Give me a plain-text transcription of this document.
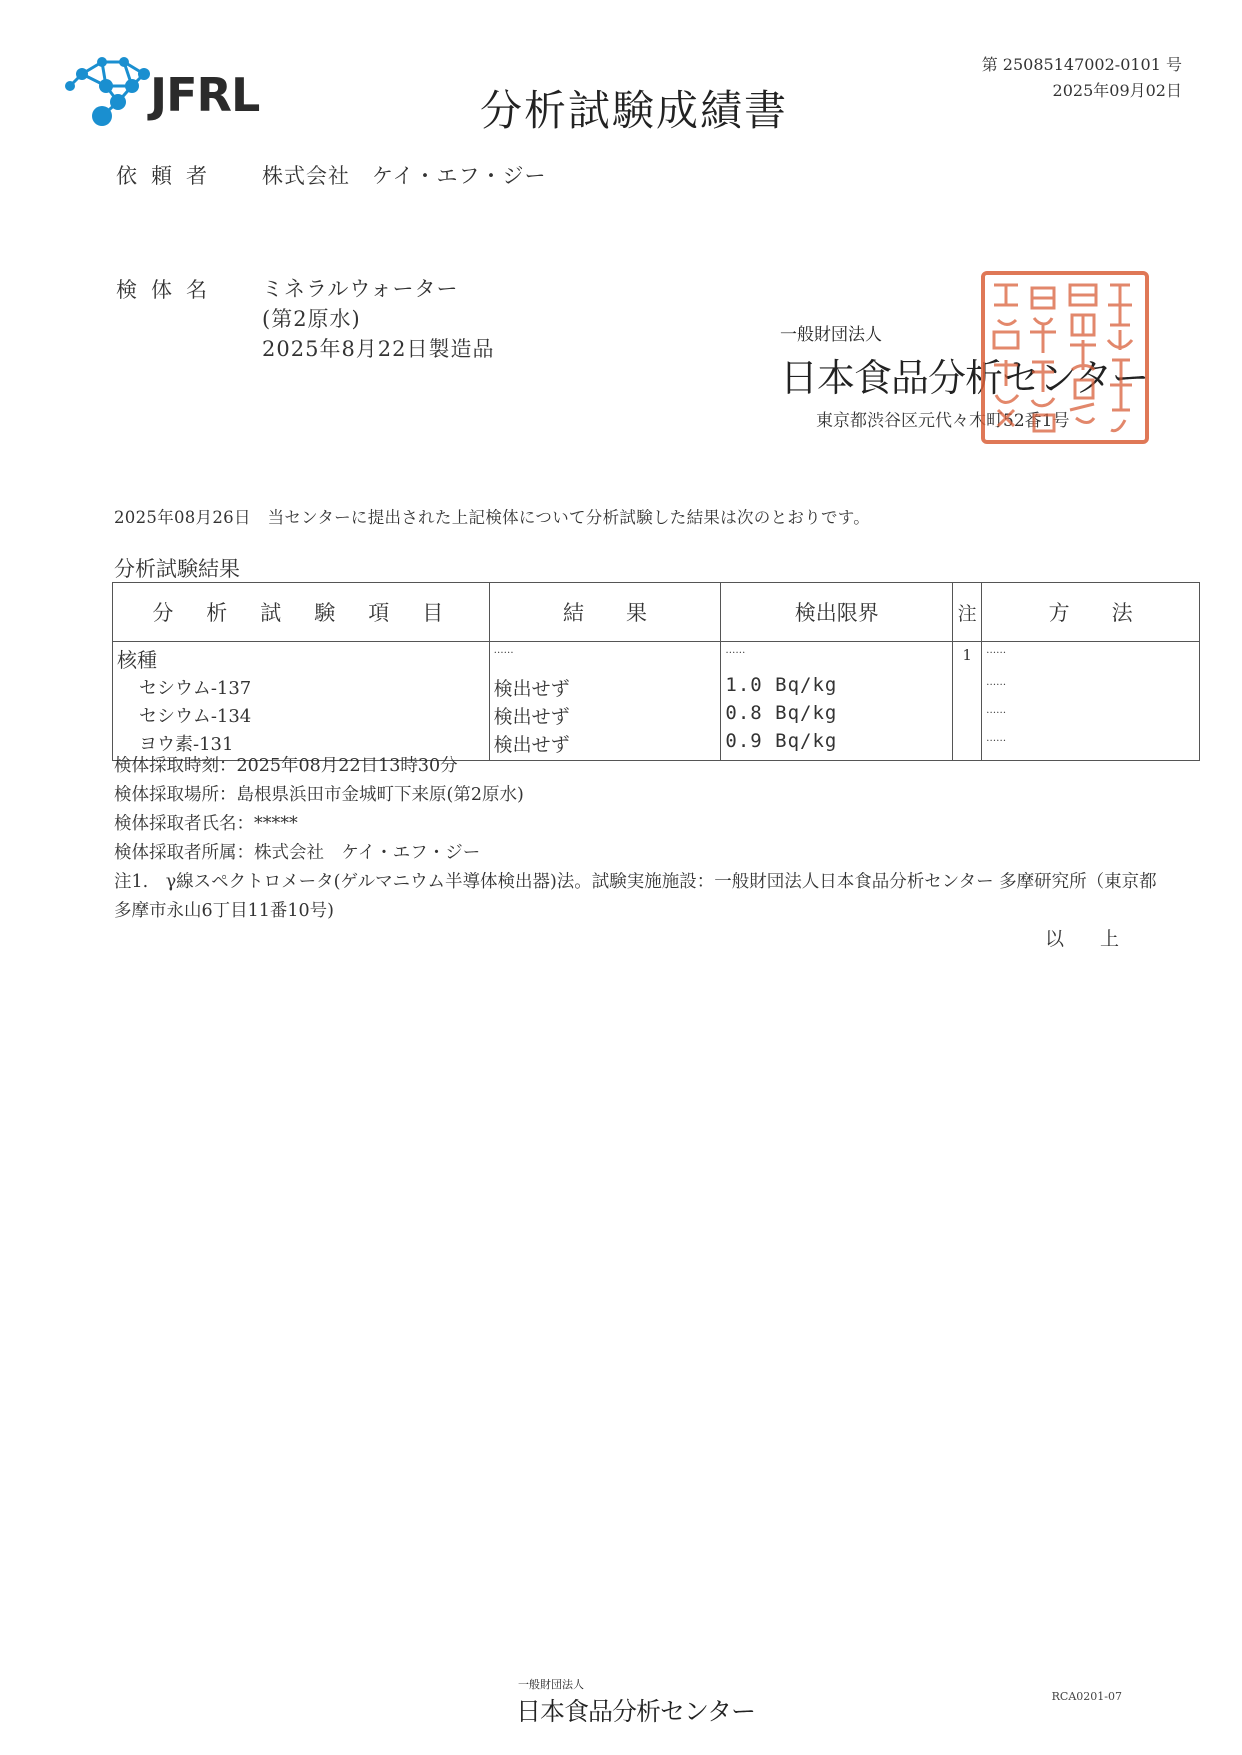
JFRL	分析試験成績書
第 25085147002-0101 号
2025年09月02日
依頼者 株式会社　ケイ・エフ・ジー
検体名 ミネラルウォーター
(第2原水)
2025年8月22日製造品
一般財団法人
日本食品分析センター
東京都渋谷区元代々木町52番1号
2025年08月26日　当センターに提出された上記検体について分析試験した結果は次のとおりです。
分析試験結果
分　析　試　験　項　目	結　　果	検出限界	注	方　　法
核種	……	……	1	……
セシウム-137	検出せず	1.0 Bq/kg		……
セシウム-134	検出せず	0.8 Bq/kg		……
ヨウ素-131	検出せず	0.9 Bq/kg		……
検体採取時刻：2025年08月22日13時30分
検体採取場所：島根県浜田市金城町下来原(第2原水)
検体採取者氏名：*****
検体採取者所属：株式会社　ケイ・エフ・ジー
注1.　γ線スペクトロメータ(ゲルマニウム半導体検出器)法。試験実施施設：一般財団法人日本食品分析センター 多摩研究所（東京都多摩市永山6丁目11番10号)
以上
一般財団法人
日本食品分析センター
RCA0201-07
